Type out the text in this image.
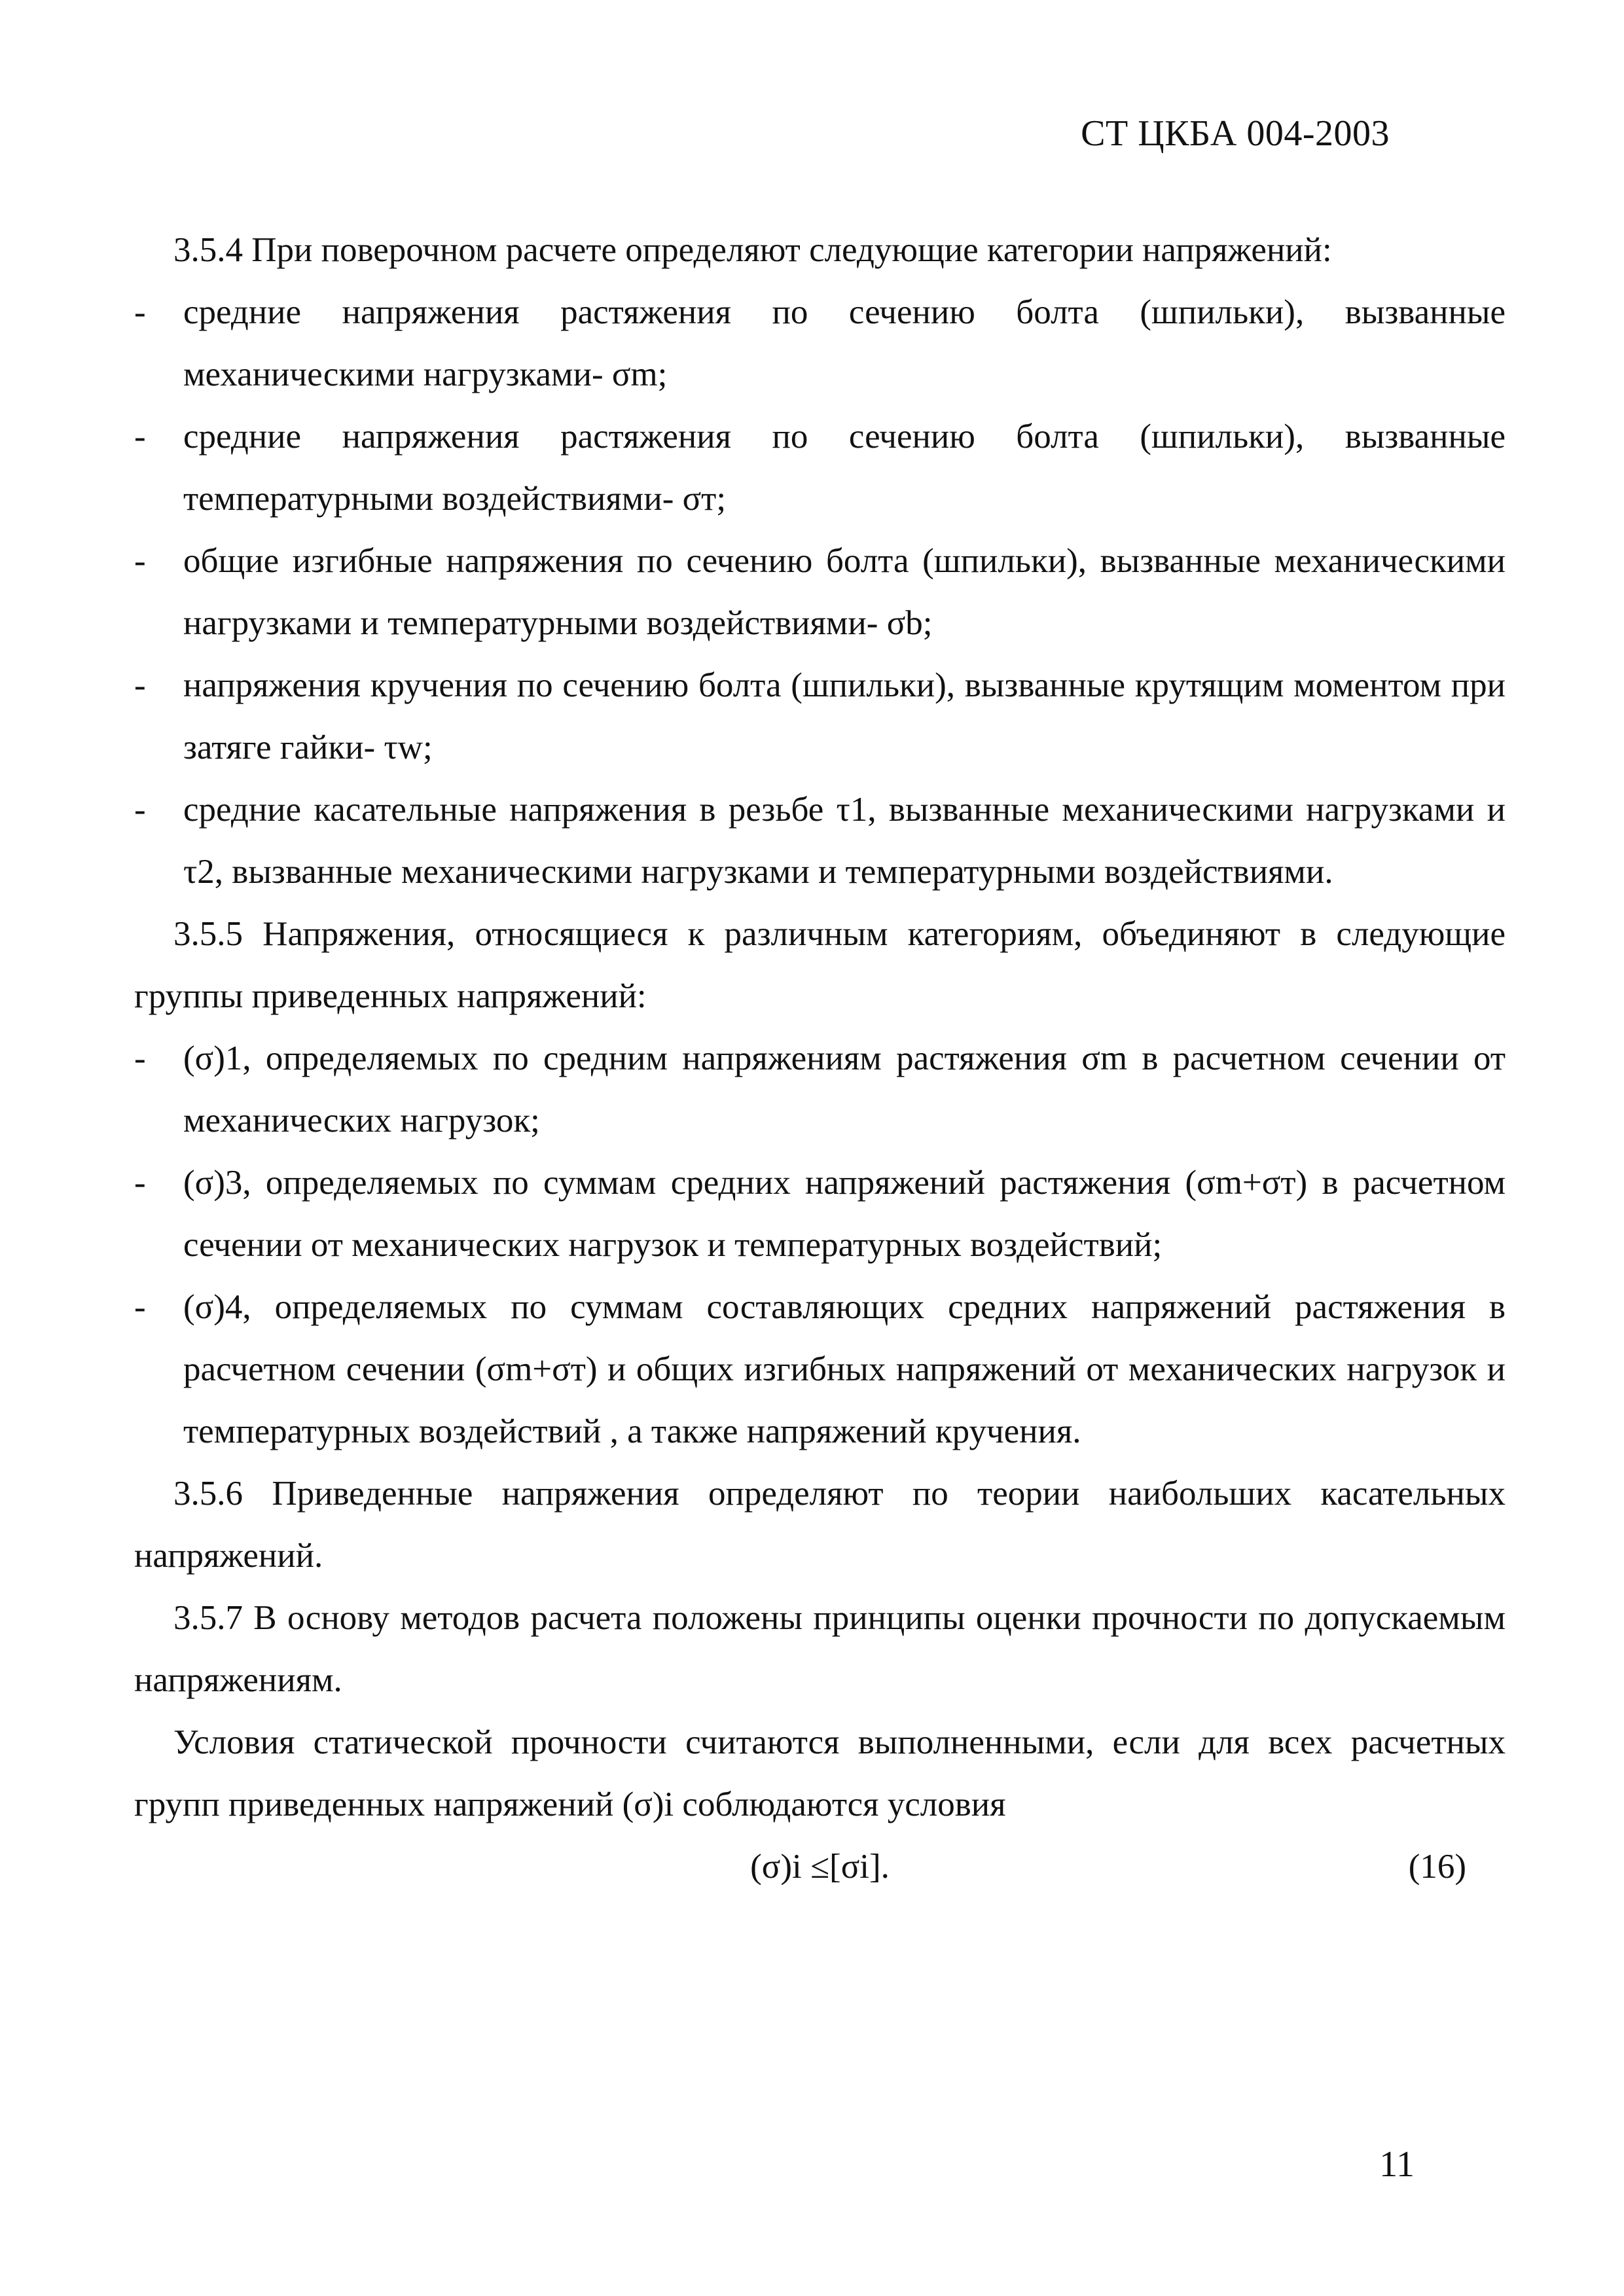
СТ ЦКБА 004-2003

3.5.4 При поверочном расчете определяют следующие категории напряжений:

- средние напряжения растяжения по сечению болта (шпильки), вызванные механическими нагрузками- σm;

- средние напряжения растяжения по сечению болта (шпильки), вызванные температурными воздействиями- σт;

- общие изгибные напряжения по сечению болта (шпильки), вызванные механическими нагрузками и температурными воздействиями- σb;

- напряжения кручения по сечению болта (шпильки), вызванные крутящим моментом при затяге гайки- τw;

- средние касательные напряжения в резьбе τ1, вызванные механическими нагрузками и τ2, вызванные механическими нагрузками и температурными воздействиями.

3.5.5 Напряжения, относящиеся к различным категориям, объединяют в следующие группы приведенных напряжений:

- (σ)1, определяемых по средним напряжениям растяжения σm в расчетном сечении от механических нагрузок;

- (σ)3, определяемых по суммам средних напряжений растяжения (σm+σт) в расчетном сечении от механических нагрузок и температурных воздействий;

- (σ)4, определяемых по суммам составляющих средних напряжений растяжения в расчетном сечении (σm+σт) и общих изгибных напряжений от механических нагрузок и температурных воздействий , а также напряжений кручения.

3.5.6 Приведенные напряжения определяют по теории наибольших касательных напряжений.

3.5.7 В основу методов расчета положены принципы оценки прочности по допускаемым напряжениям.

Условия статической прочности считаются выполненными, если для всех расчетных групп приведенных напряжений (σ)i соблюдаются условия

(σ)i ≤[σi].	(16)
11
